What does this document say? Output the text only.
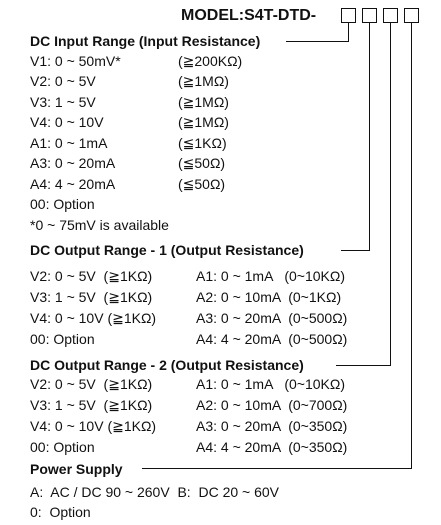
MODEL:S4T-DTD-
DC Input Range (Input Resistance)
V1: 0 ~ 50mV*	(≧200KΩ)
V2: 0 ~ 5V	(≧1MΩ)
V3: 1 ~ 5V	(≧1MΩ)
V4: 0 ~ 10V	(≧1MΩ)
A1: 0 ~ 1mA	(≦1KΩ)
A3: 0 ~ 20mA	(≦50Ω)
A4: 4 ~ 20mA	(≦50Ω)
00: Option
*0 ~ 75mV is available
DC Output Range - 1 (Output Resistance)
V2: 0 ~ 5V  (≧1KΩ)	A1: 0 ~ 1mA   (0~10KΩ)
V3: 1 ~ 5V  (≧1KΩ)	A2: 0 ~ 10mA  (0~1KΩ)
V4: 0 ~ 10V (≧1KΩ)	A3: 0 ~ 20mA  (0~500Ω)
00: Option	A4: 4 ~ 20mA  (0~500Ω)
DC Output Range - 2 (Output Resistance)
V2: 0 ~ 5V  (≧1KΩ)	A1: 0 ~ 1mA   (0~10KΩ)
V3: 1 ~ 5V  (≧1KΩ)	A2: 0 ~ 10mA  (0~700Ω)
V4: 0 ~ 10V (≧1KΩ)	A3: 0 ~ 20mA  (0~350Ω)
00: Option	A4: 4 ~ 20mA  (0~350Ω)
Power Supply
A:  AC / DC 90 ~ 260V  B:  DC 20 ~ 60V
0:  Option
